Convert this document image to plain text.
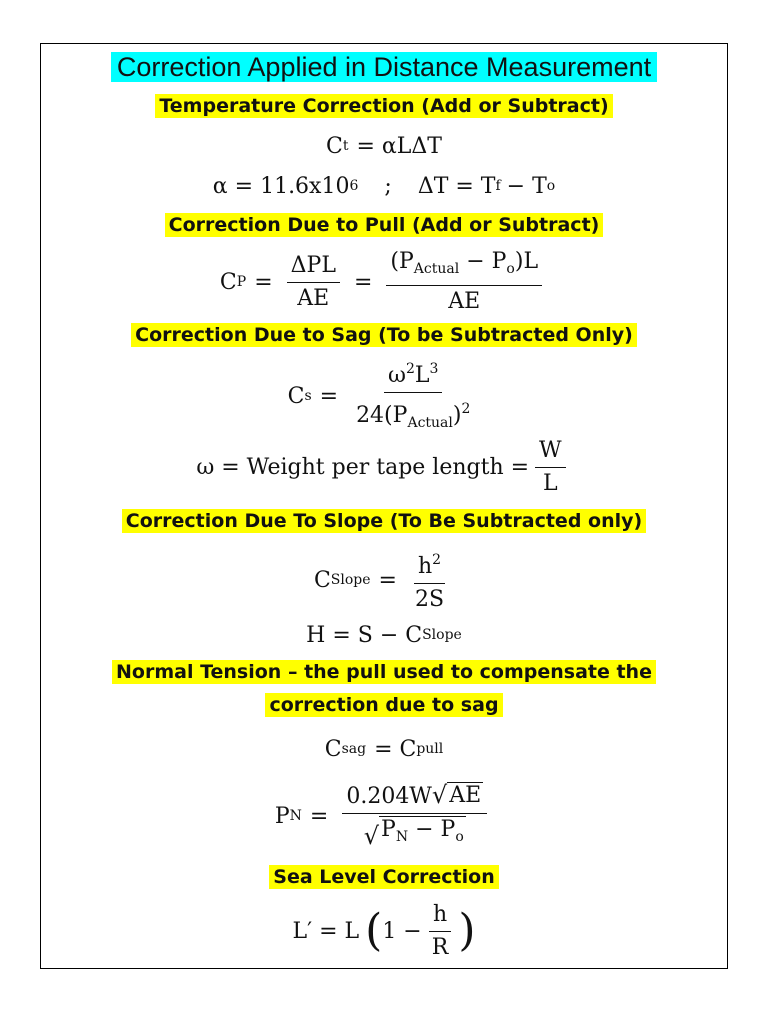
Correction Applied in Distance Measurement
Temperature Correction (Add or Subtract)
C t = αLΔT
α = 11.6x10 6 ; ΔT = T f − T o
Correction Due to Pull (Add or Subtract)
C $P = \frac{\text{ΔPL}}{AE} = \frac{(P_{Actual} - P_o)L}{AE}$
Correction Due to Sag (To be Subtracted Only)
C $s = \frac{\omega^2L^3}{24(P_{Actual})^2}$
ω = Weight per tape length = $\frac{W}{L}$
Correction Due To Slope (To Be Subtracted only)
C Slope = $\frac{h^2}{2S}$
H = S − C Slope
Normal Tension – the pull used to compensate the
correction due to sag
C sag = C pull
P $N = \frac{0.204W √ AE}{√ P_N - P_o}$
Sea Level Correction
L′ = L ( $1 - \frac{h}{R}$ )
